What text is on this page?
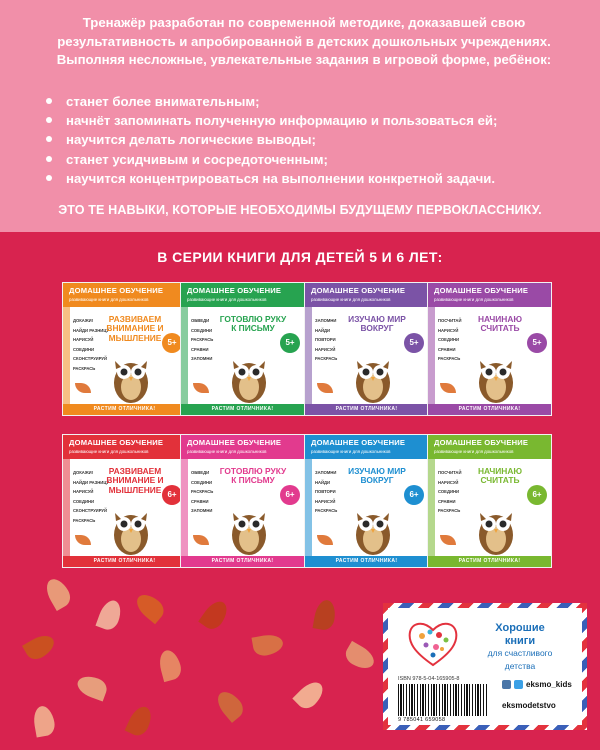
Тренажёр разработан по современной методике, доказавшей свою результативность и апробированной в детских дошкольных учреждениях. Выполняя несложные, увлекательные задания в игровой форме, ребёнок:

станет более внимательным;
начнёт запоминать полученную информацию и пользоваться ей;
научится делать логические выводы;
станет усидчивым и сосредоточенным;
научится концентрироваться на выполнении конкретной задачи.
ЭТО ТЕ НАВЫКИ, КОТОРЫЕ НЕОБХОДИМЫ БУДУЩЕМУ ПЕРВОКЛАССНИКУ.
В СЕРИИ КНИГИ ДЛЯ ДЕТЕЙ 5 И 6 ЛЕТ:
ДОМАШНЕЕ ОБУЧЕНИЕ
развивающие книги для дошкольников
ДОКАЖИ!
НАЙДИ РАЗНИЦУ
НАРИСУЙ
СОЕДИНИ
СКОНСТРУИРУЙ
РАСКРАСЬ
РАЗВИВАЕМ ВНИМАНИЕ И МЫШЛЕНИЕ 5+
РАСТИМ ОТЛИЧНИКА!
ДОМАШНЕЕ ОБУЧЕНИЕ
развивающие книги для дошкольников
ОБВЕДИ
СОЕДИНИ
РАСКРАСЬ
СРАВНИ
ЗАПОМНИ
ГОТОВЛЮ РУКУ К ПИСЬМУ
5+
РАСТИМ ОТЛИЧНИКА!
ДОМАШНЕЕ ОБУЧЕНИЕ
развивающие книги для дошкольников
ЗАПОМНИ
НАЙДИ
ПОВТОРИ
НАРИСУЙ
РАСКРАСЬ
ИЗУЧАЮ МИР ВОКРУГ
5+
РАСТИМ ОТЛИЧНИКА!
ДОМАШНЕЕ ОБУЧЕНИЕ
развивающие книги для дошкольников
ПОСЧИТАЙ
НАРИСУЙ
СОЕДИНИ
СРАВНИ
РАСКРАСЬ
НАЧИНАЮ СЧИТАТЬ
5+
РАСТИМ ОТЛИЧНИКА!
ДОМАШНЕЕ ОБУЧЕНИЕ
развивающие книги для дошкольников
ДОКАЖИ!
НАЙДИ РАЗНИЦУ
НАРИСУЙ
СОЕДИНИ
СКОНСТРУИРУЙ
РАСКРАСЬ
РАЗВИВАЕМ ВНИМАНИЕ И МЫШЛЕНИЕ 6+
РАСТИМ ОТЛИЧНИКА!
ДОМАШНЕЕ ОБУЧЕНИЕ
развивающие книги для дошкольников
ОБВЕДИ
СОЕДИНИ
РАСКРАСЬ
СРАВНИ
ЗАПОМНИ
ГОТОВЛЮ РУКУ К ПИСЬМУ
6+
РАСТИМ ОТЛИЧНИКА!
ДОМАШНЕЕ ОБУЧЕНИЕ
развивающие книги для дошкольников
ЗАПОМНИ
НАЙДИ
ПОВТОРИ
НАРИСУЙ
РАСКРАСЬ
ИЗУЧАЮ МИР ВОКРУГ
6+
РАСТИМ ОТЛИЧНИКА!
ДОМАШНЕЕ ОБУЧЕНИЕ
развивающие книги для дошкольников
ПОСЧИТАЙ
НАРИСУЙ
СОЕДИНИ
СРАВНИ
РАСКРАСЬ
НАЧИНАЮ СЧИТАТЬ
6+
РАСТИМ ОТЛИЧНИКА!
Хорошие
книги
для счастливого
детства
ISBN 978-5-04-165905-8
9 785041 659058
eksmo_kids
eksmodetstvo
